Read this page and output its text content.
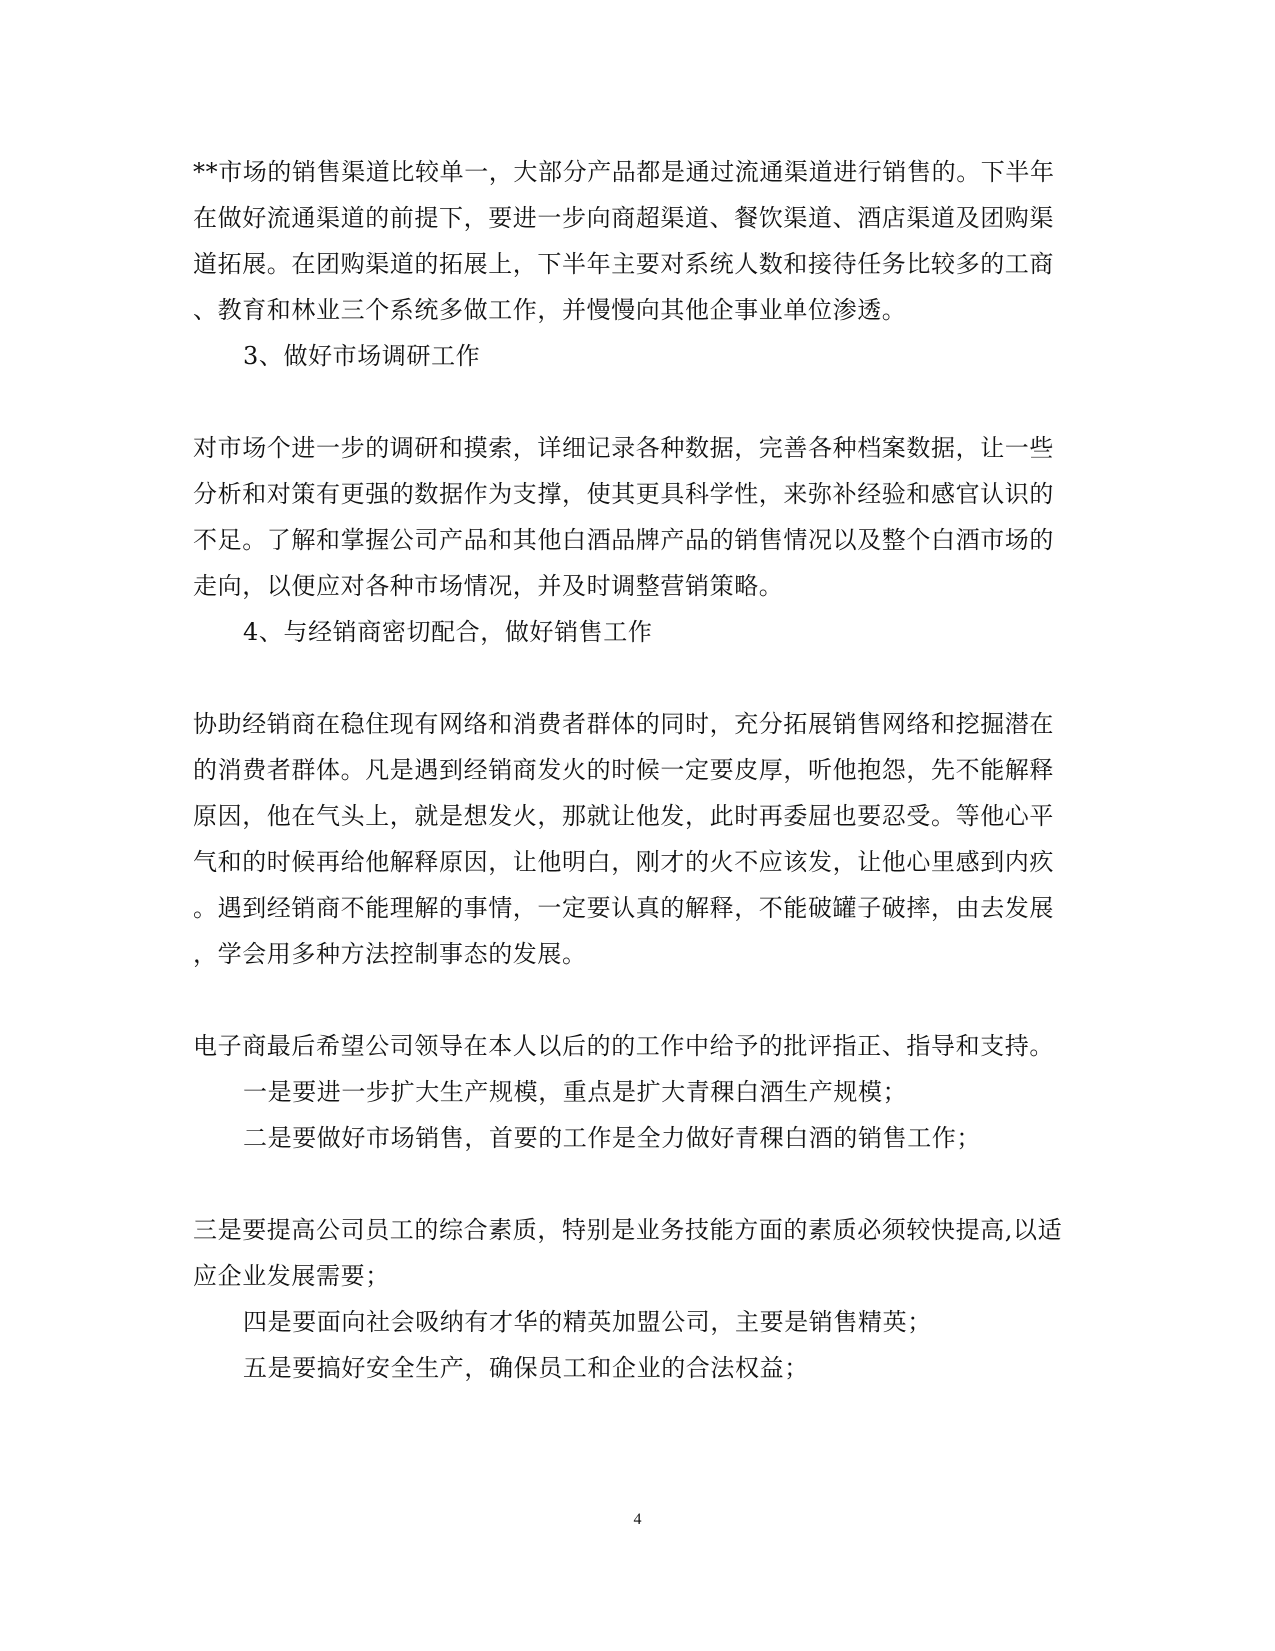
**市场的销售渠道比较单一，大部分产品都是通过流通渠道进行销售的。下半年
在做好流通渠道的前提下，要进一步向商超渠道、餐饮渠道、酒店渠道及团购渠
道拓展。在团购渠道的拓展上，下半年主要对系统人数和接待任务比较多的工商
、教育和林业三个系统多做工作，并慢慢向其他企事业单位渗透。
3、做好市场调研工作
对市场个进一步的调研和摸索，详细记录各种数据，完善各种档案数据，让一些
分析和对策有更强的数据作为支撑，使其更具科学性，来弥补经验和感官认识的
不足。了解和掌握公司产品和其他白酒品牌产品的销售情况以及整个白酒市场的
走向，以便应对各种市场情况，并及时调整营销策略。
4、与经销商密切配合，做好销售工作
协助经销商在稳住现有网络和消费者群体的同时，充分拓展销售网络和挖掘潜在
的消费者群体。凡是遇到经销商发火的时候一定要皮厚，听他抱怨，先不能解释
原因，他在气头上，就是想发火，那就让他发，此时再委屈也要忍受。等他心平
气和的时候再给他解释原因，让他明白，刚才的火不应该发，让他心里感到内疚
。遇到经销商不能理解的事情，一定要认真的解释，不能破罐子破摔，由去发展
，学会用多种方法控制事态的发展。
电子商最后希望公司领导在本人以后的的工作中给予的批评指正、指导和支持。
一是要进一步扩大生产规模，重点是扩大青稞白酒生产规模；
二是要做好市场销售，首要的工作是全力做好青稞白酒的销售工作；
三是要提高公司员工的综合素质，特别是业务技能方面的素质必须较快提高,以适
应企业发展需要；
四是要面向社会吸纳有才华的精英加盟公司，主要是销售精英；
五是要搞好安全生产，确保员工和企业的合法权益；
4
